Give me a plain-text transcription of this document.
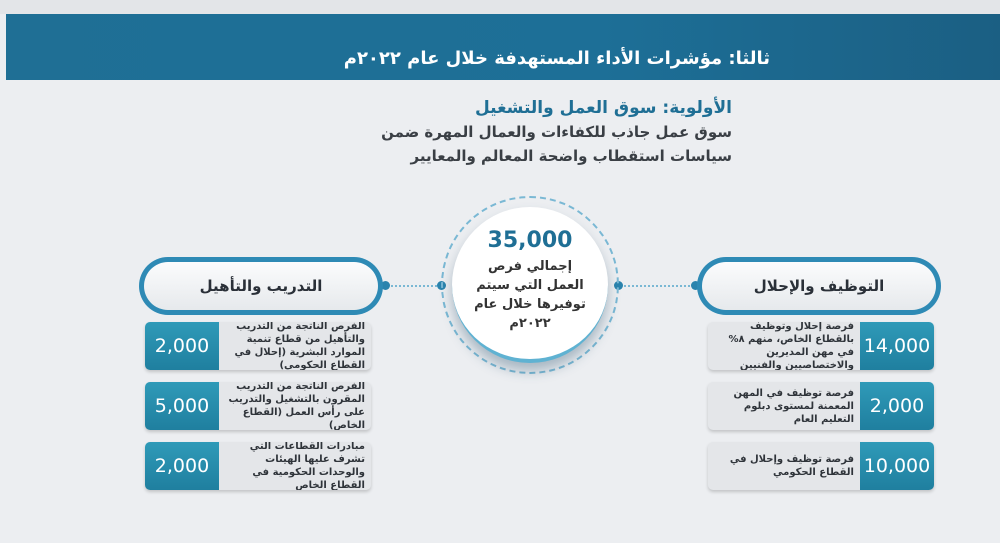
ثالثا: مؤشرات الأداء المستهدفة خلال عام ٢٠٢٢م
الأولوية: سوق العمل والتشغيل
سوق عمل جاذب للكفاءات والعمال المهرة ضمن
سياسات استقطاب واضحة المعالم والمعايير
35,000
إجمالي فرص العمل التي سيتم توفيرها خلال عام ٢٠٢٢م
التدريب والتأهيل	التوظيف والإحلال
2,000
الفرص الناتجة من التدريب والتأهيل من قطاع تنمية الموارد البشرية (إحلال في القطاع الحكومي)
5,000
الفرص الناتجة من التدريب المقرون بالتشغيل والتدريب على رأس العمل (القطاع الخاص)
2,000
مبادرات القطاعات التي تشرف عليها الهيئات والوحدات الحكومية في القطاع الخاص
14,000
فرصة إحلال وتوظيف بالقطاع الخاص، منهم ٨% في مهن المديرين والاختصاصيين والفنيين
2,000
فرصة توظيف في المهن المعمنة لمستوى دبلوم التعليم العام
10,000
فرصة توظيف وإحلال في القطاع الحكومي
